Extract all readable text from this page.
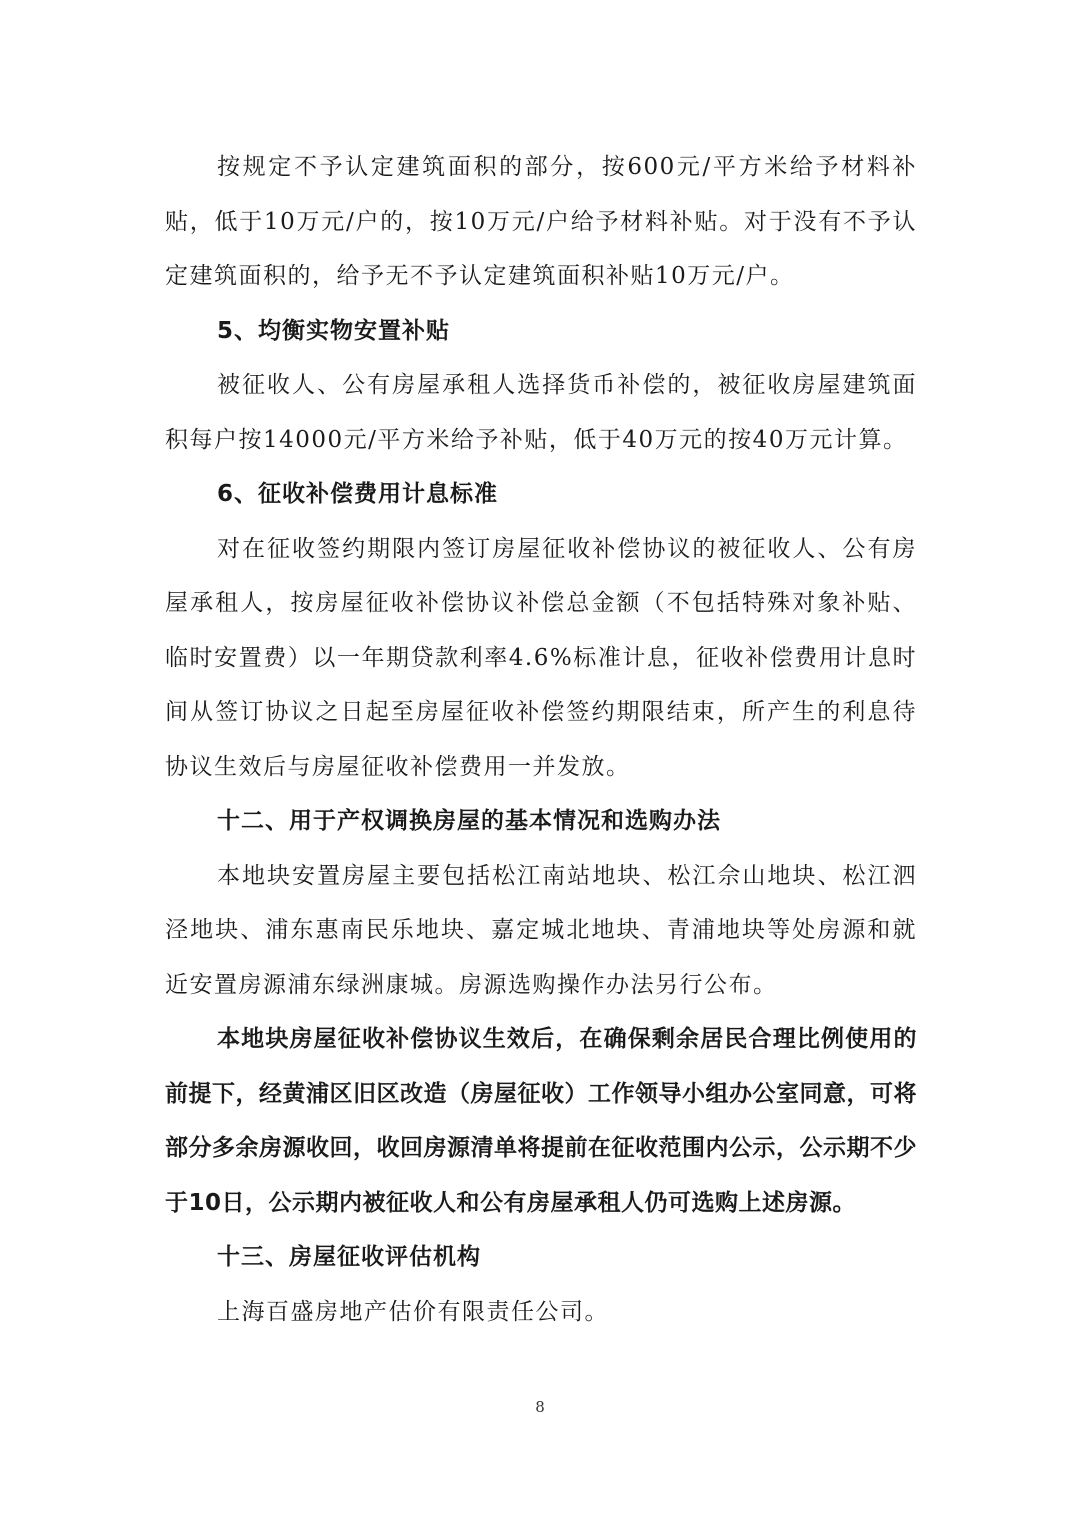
按规定不予认定建筑面积的部分，按600元/平方米给予材料补贴，低于10万元/户的，按10万元/户给予材料补贴。对于没有不予认定建筑面积的，给予无不予认定建筑面积补贴10万元/户。

5、均衡实物安置补贴

被征收人、公有房屋承租人选择货币补偿的，被征收房屋建筑面积每户按14000元/平方米给予补贴，低于40万元的按40万元计算。

6、征收补偿费用计息标准

对在征收签约期限内签订房屋征收补偿协议的被征收人、公有房屋承租人，按房屋征收补偿协议补偿总金额（不包括特殊对象补贴、临时安置费）以一年期贷款利率4.6%标准计息，征收补偿费用计息时间从签订协议之日起至房屋征收补偿签约期限结束，所产生的利息待协议生效后与房屋征收补偿费用一并发放。

十二、用于产权调换房屋的基本情况和选购办法

本地块安置房屋主要包括松江南站地块、松江佘山地块、松江泗泾地块、浦东惠南民乐地块、嘉定城北地块、青浦地块等处房源和就近安置房源浦东绿洲康城。房源选购操作办法另行公布。

本地块房屋征收补偿协议生效后，在确保剩余居民合理比例使用的前提下，经黄浦区旧区改造（房屋征收）工作领导小组办公室同意，可将部分多余房源收回，收回房源清单将提前在征收范围内公示，公示期不少于10日，公示期内被征收人和公有房屋承租人仍可选购上述房源。

十三、房屋征收评估机构

上海百盛房地产估价有限责任公司。

8
